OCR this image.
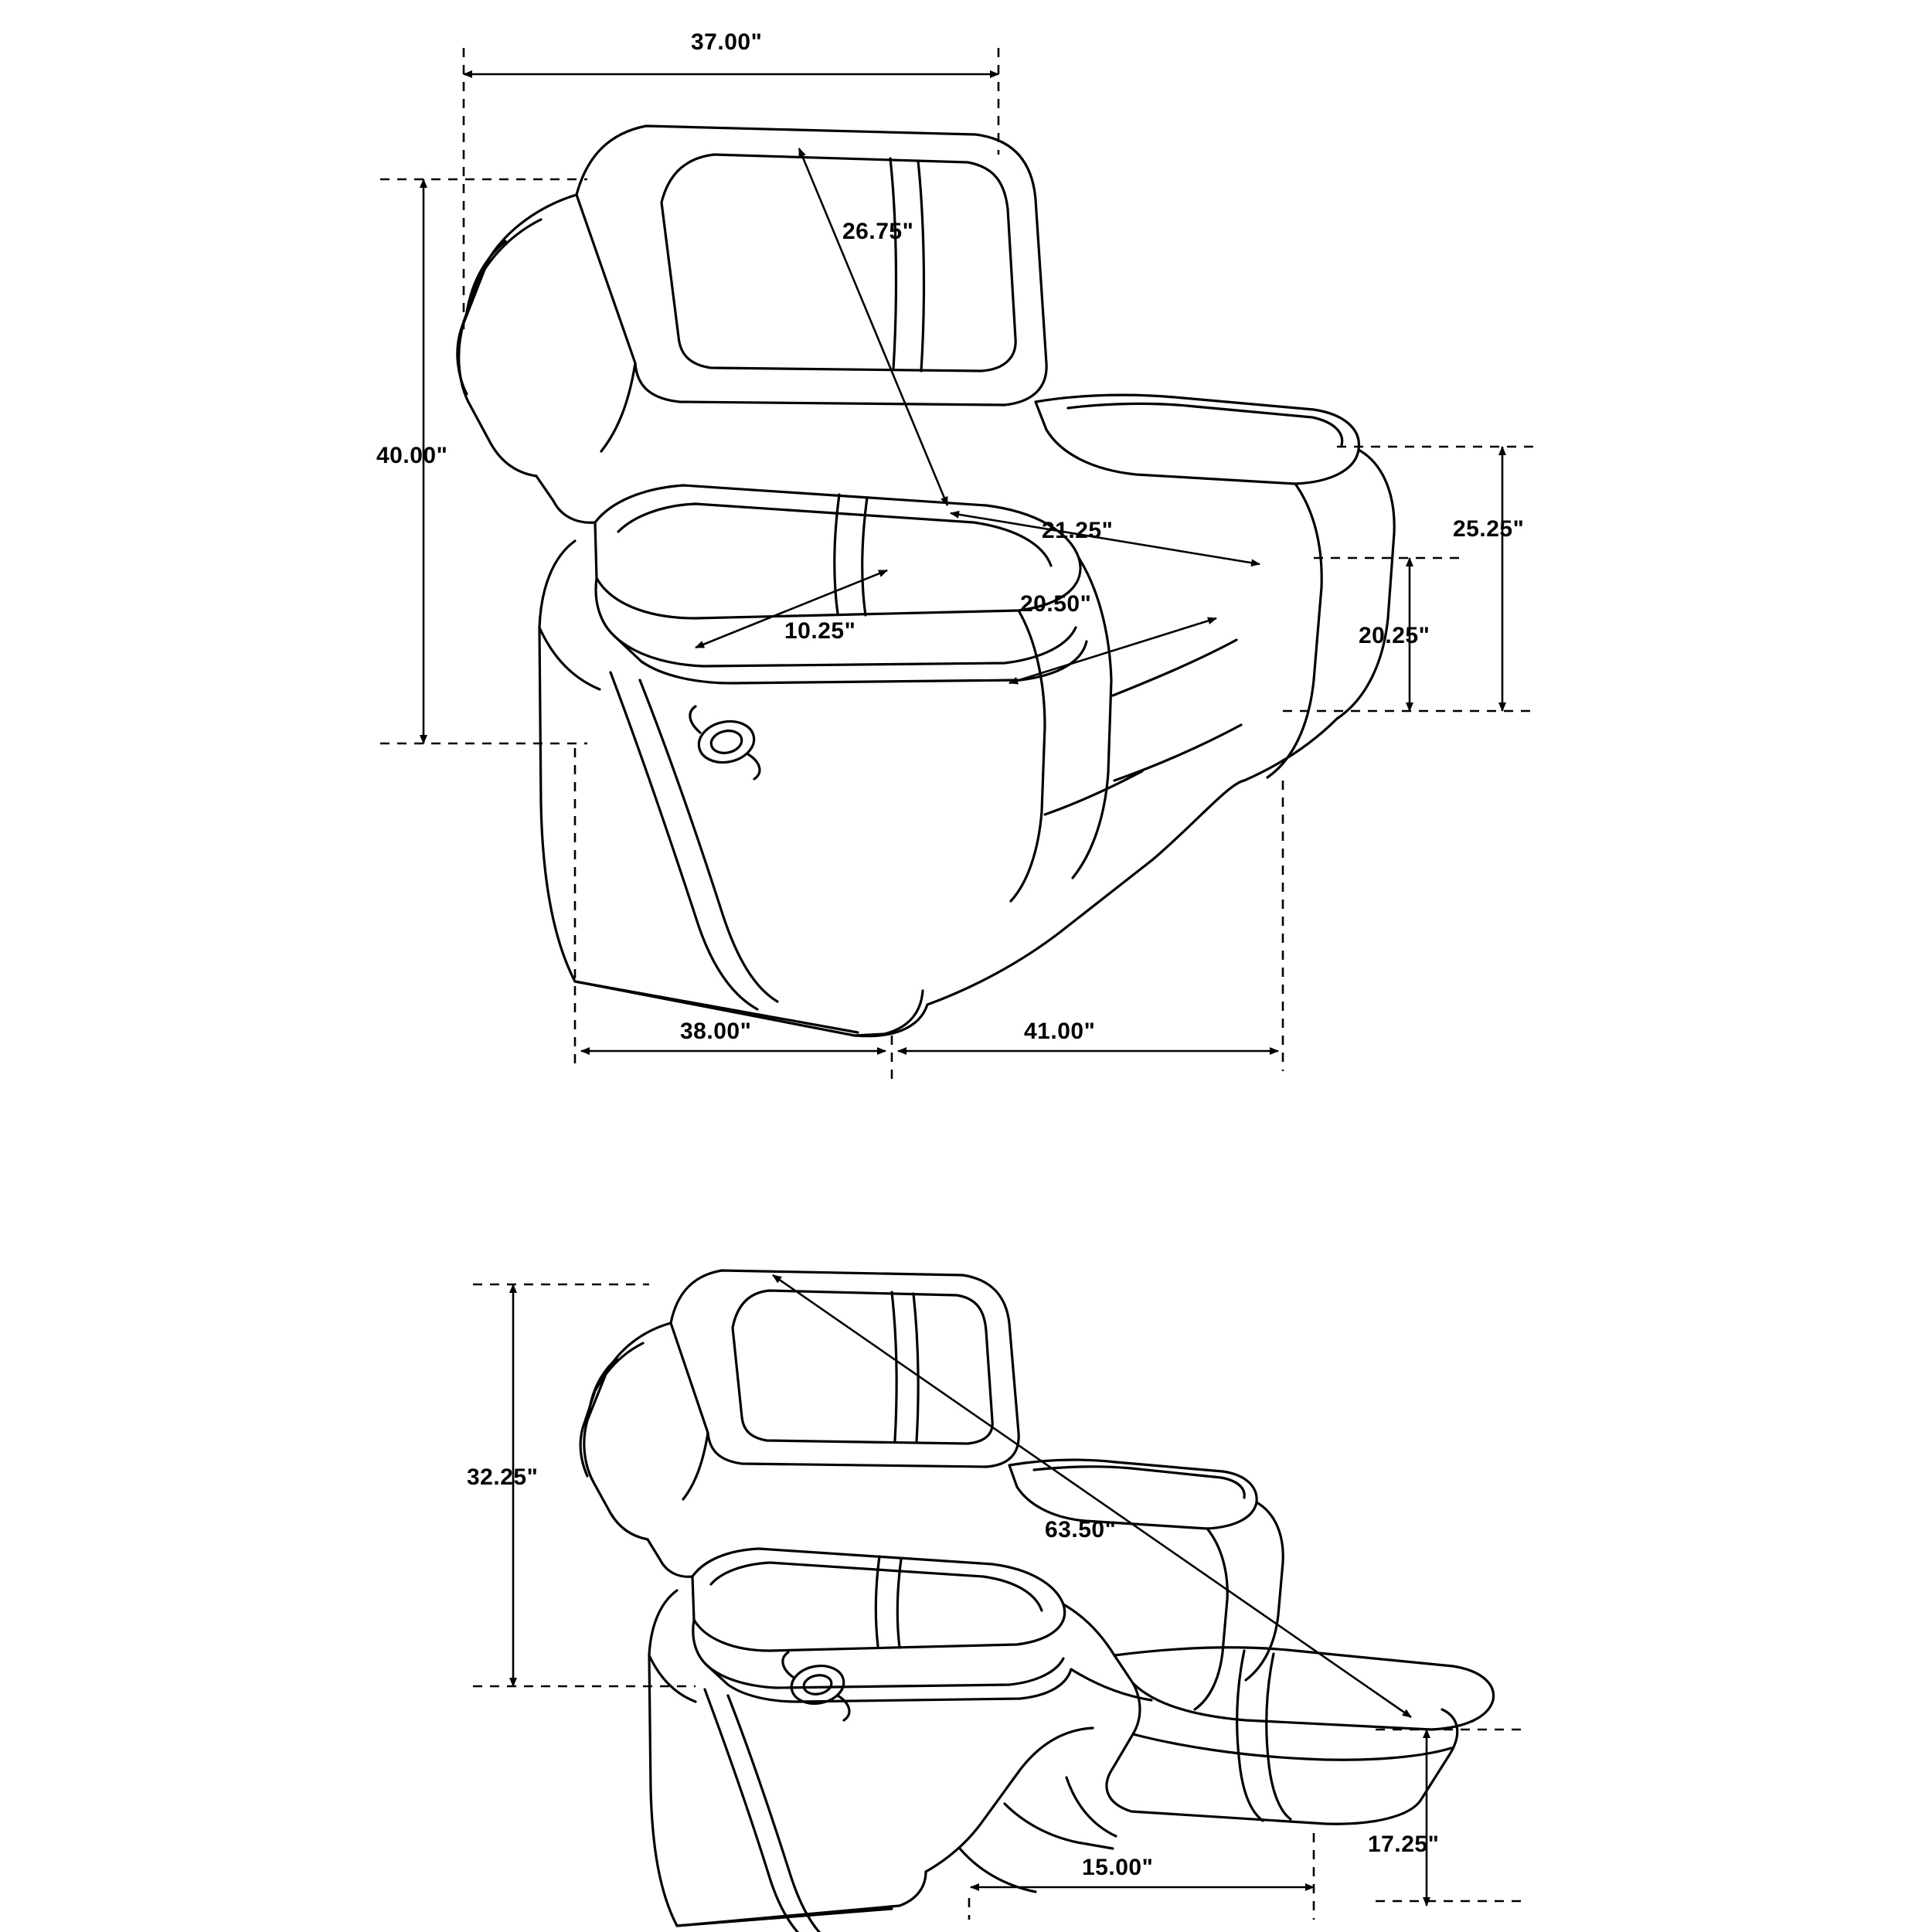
37.00"
40.00"
26.75"
21.25"
20.50"
10.25"
25.25"
20.25"
38.00"	41.00"
32.25"
63.50"
17.25"
15.00"
